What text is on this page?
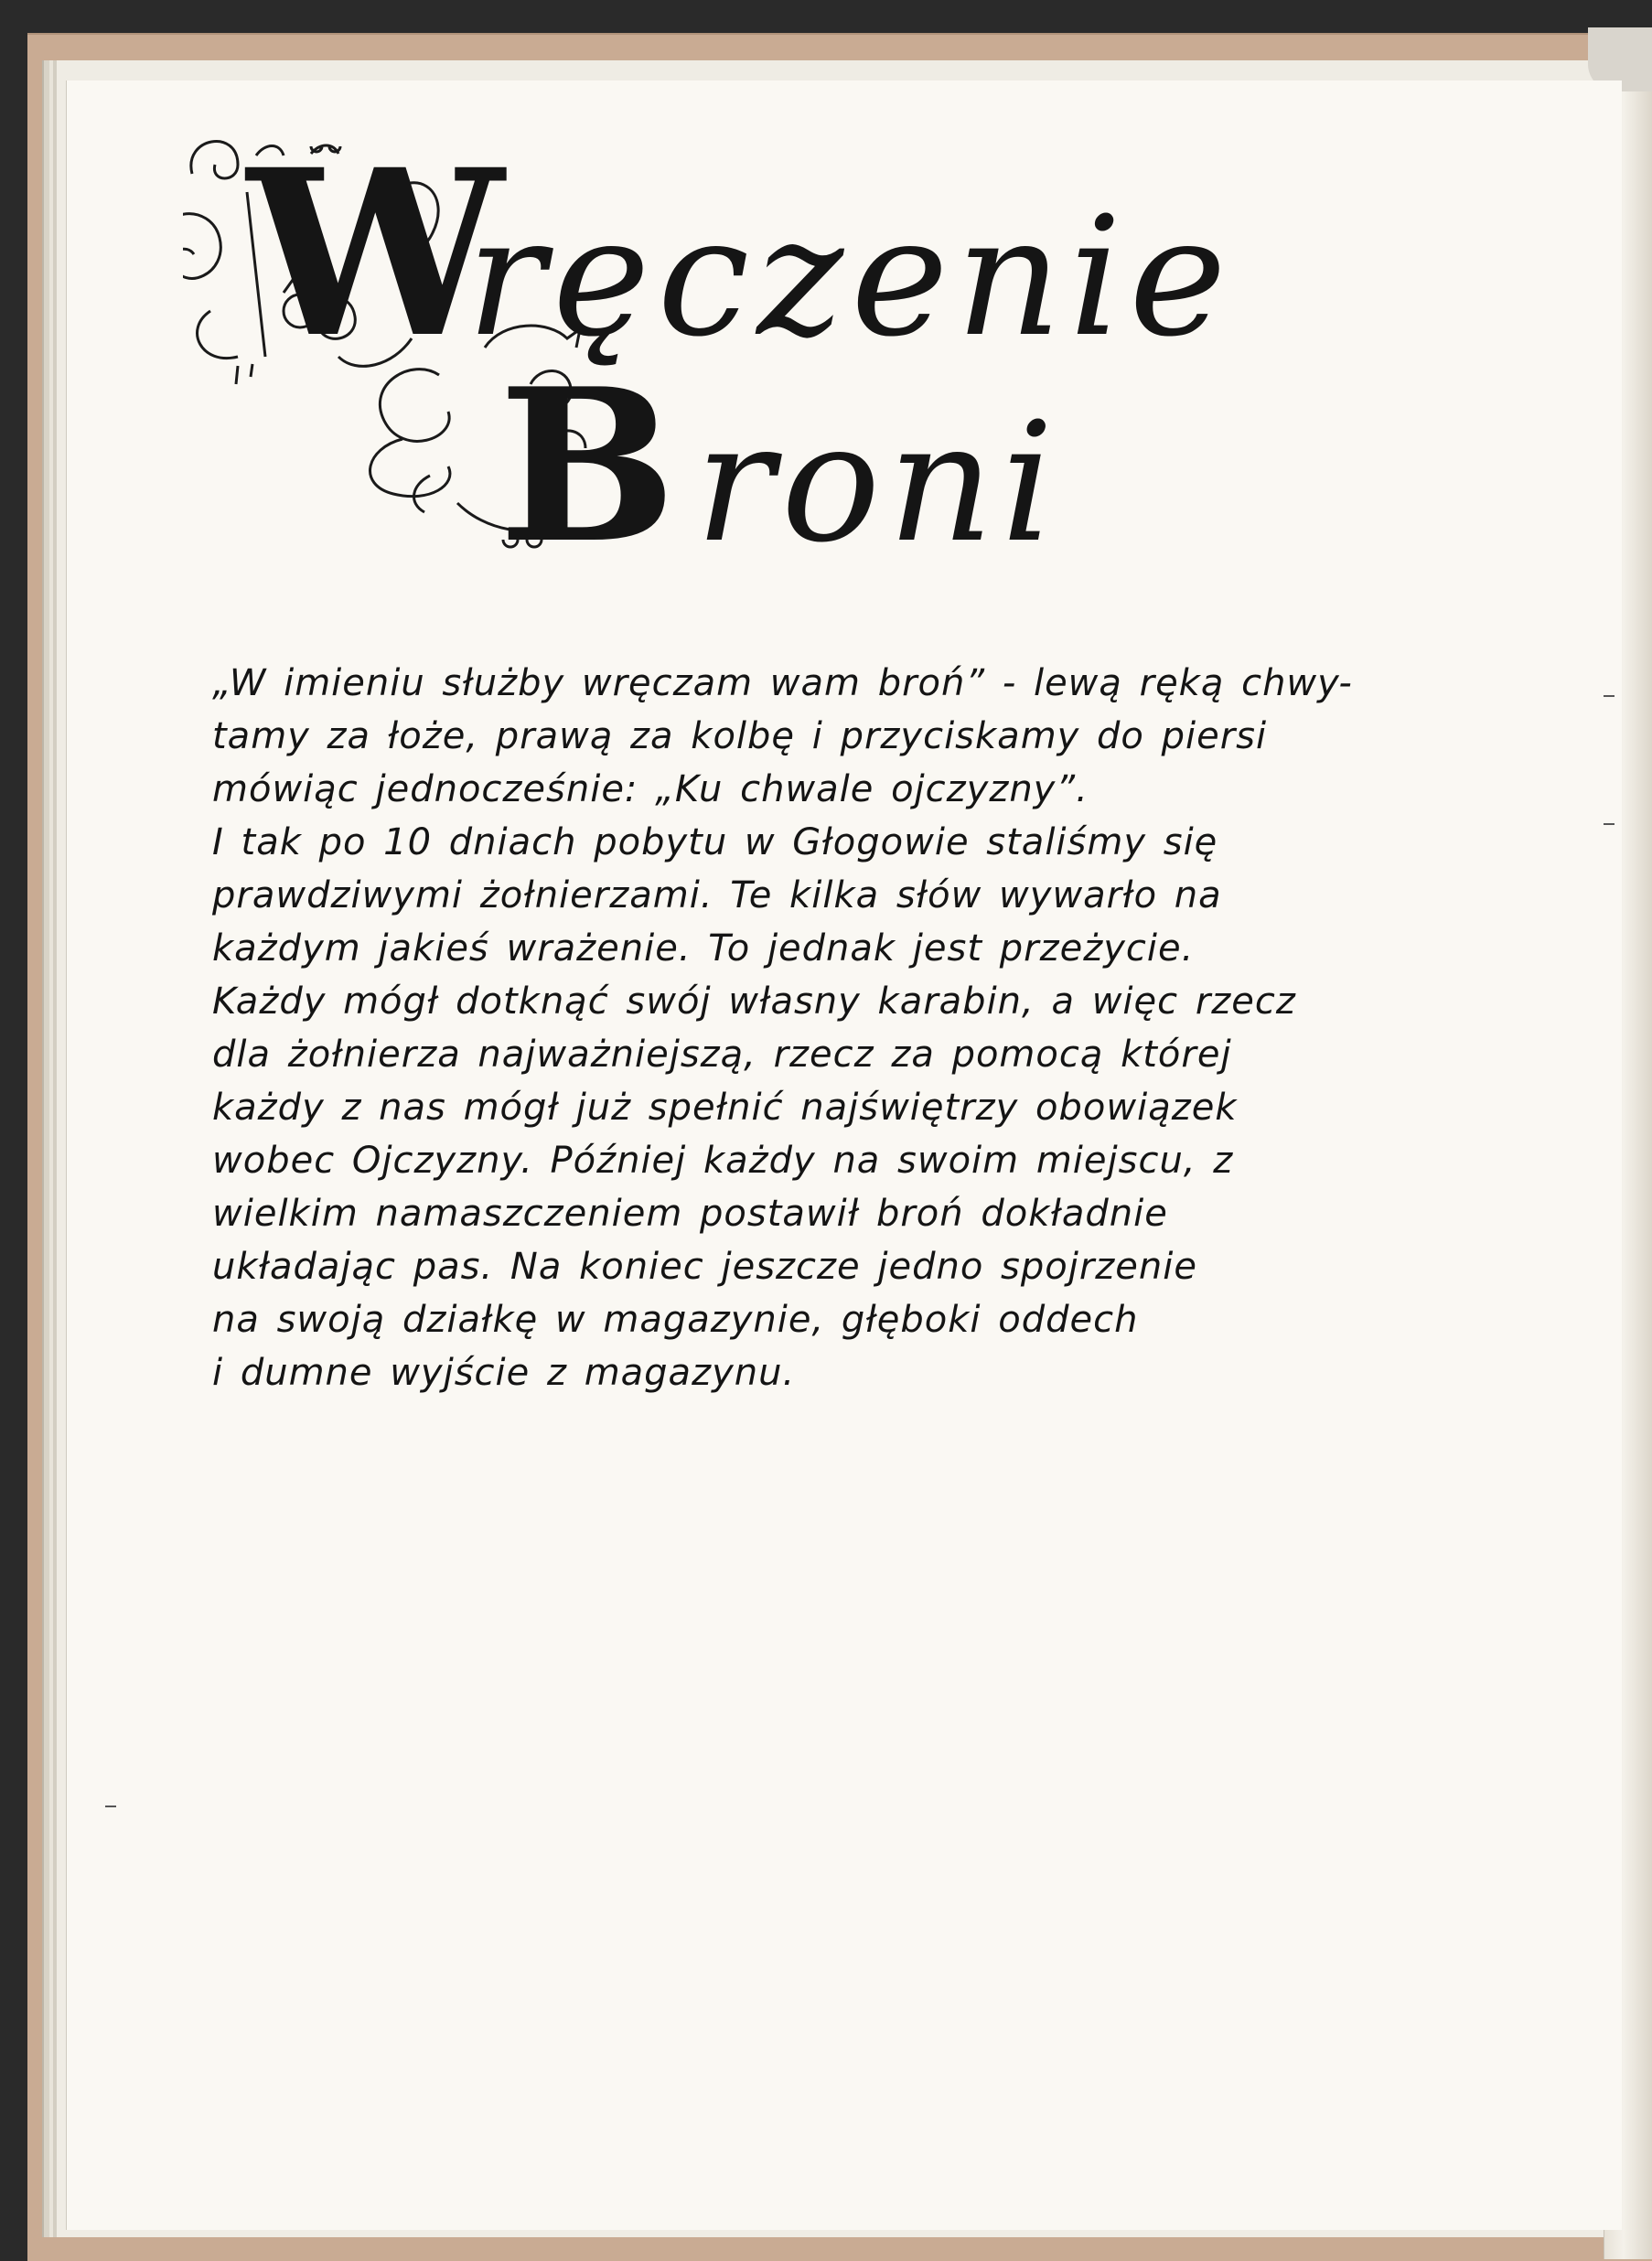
W
ręczenie
B roni
„W imieniu służby wręczam wam broń” - lewą ręką chwy-
tamy za łoże, prawą za kolbę i przyciskamy do piersi
mówiąc jednocześnie: „Ku chwale ojczyzny”.
I tak po 10 dniach pobytu w Głogowie staliśmy się
prawdziwymi żołnierzami. Te kilka słów wywarło na
każdym jakieś wrażenie. To jednak jest przeżycie.
Każdy mógł dotknąć swój własny karabin, a więc rzecz
dla żołnierza najważniejszą, rzecz za pomocą której
każdy z nas mógł już spełnić najświętrzy obowiązek
wobec Ojczyzny. Później każdy na swoim miejscu, z
wielkim namaszczeniem postawił broń dokładnie
układając pas. Na koniec jeszcze jedno spojrzenie
na swoją działkę w magazynie, głęboki oddech
i dumne wyjście z magazynu.
